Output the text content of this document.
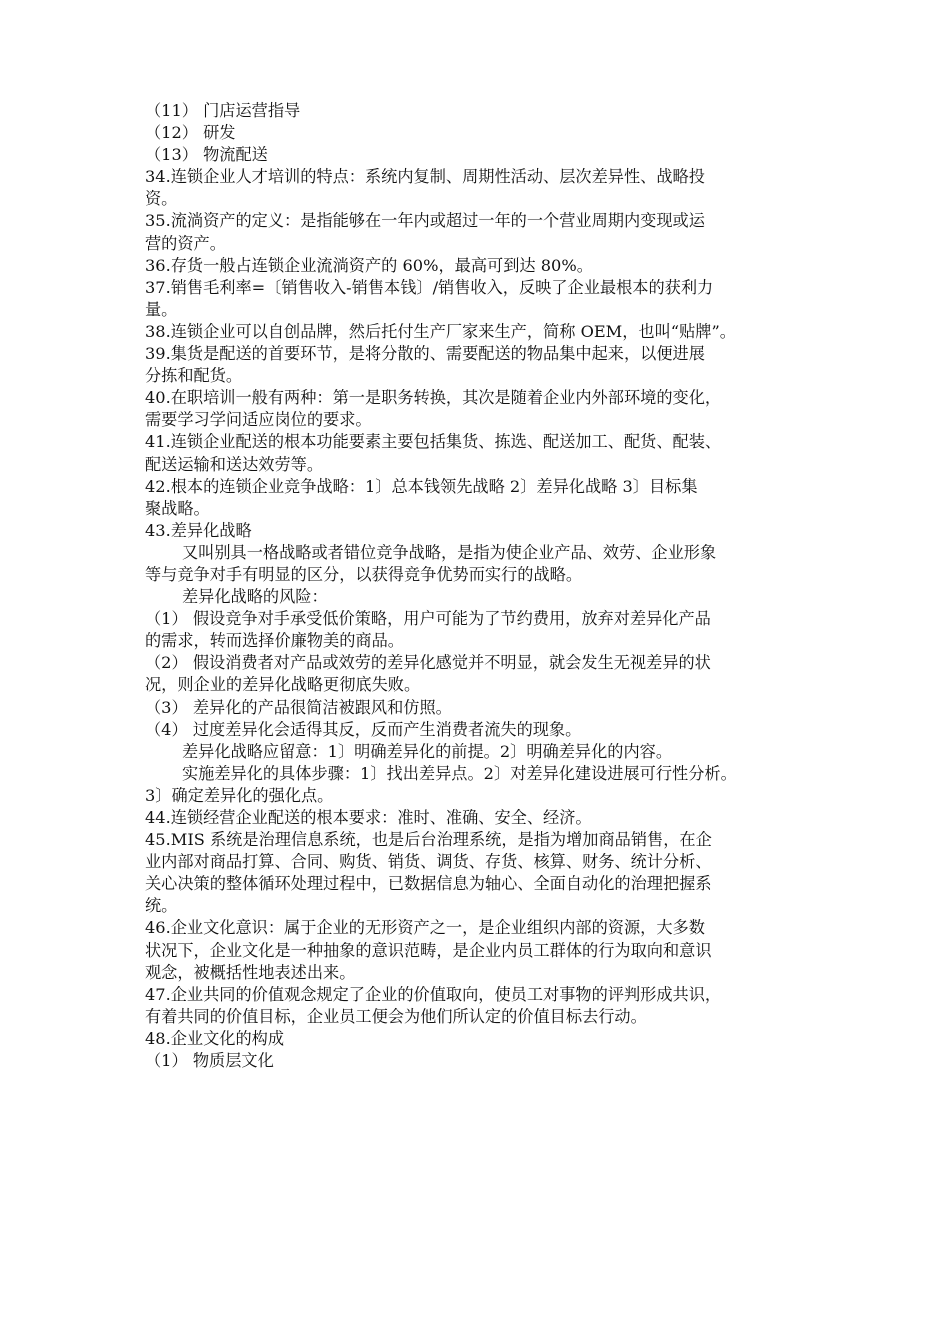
（11） 门店运营指导
（12） 研发
（13） 物流配送
34.连锁企业人才培训的特点：系统内复制、周期性活动、层次差异性、战略投
资。
35.流淌资产的定义：是指能够在一年内或超过一年的一个营业周期内变现或运
营的资产。
36.存货一般占连锁企业流淌资产的 60%，最高可到达 80%。
37.销售毛利率=〔销售收入-销售本钱〕/销售收入，反映了企业最根本的获利力
量。
38.连锁企业可以自创品牌，然后托付生产厂家来生产，简称 OEM，也叫“贴牌”。
39.集货是配送的首要环节，是将分散的、需要配送的物品集中起来，以便进展
分拣和配货。
40.在职培训一般有两种：第一是职务转换，其次是随着企业内外部环境的变化，
需要学习学问适应岗位的要求。
41.连锁企业配送的根本功能要素主要包括集货、拣选、配送加工、配货、配装、
配送运输和送达效劳等。
42.根本的连锁企业竞争战略：1〕总本钱领先战略 2〕差异化战略 3〕目标集
聚战略。
43.差异化战略
又叫别具一格战略或者错位竞争战略，是指为使企业产品、效劳、企业形象
等与竞争对手有明显的区分，以获得竞争优势而实行的战略。
差异化战略的风险：
（1） 假设竞争对手承受低价策略，用户可能为了节约费用，放弃对差异化产品
的需求，转而选择价廉物美的商品。
（2） 假设消费者对产品或效劳的差异化感觉并不明显，就会发生无视差异的状
况，则企业的差异化战略更彻底失败。
（3） 差异化的产品很简洁被跟风和仿照。
（4） 过度差异化会适得其反，反而产生消费者流失的现象。
差异化战略应留意：1〕明确差异化的前提。2〕明确差异化的内容。
实施差异化的具体步骤：1〕找出差异点。2〕对差异化建设进展可行性分析。
3〕确定差异化的强化点。
44.连锁经营企业配送的根本要求：准时、准确、安全、经济。
45.MIS 系统是治理信息系统，也是后台治理系统，是指为增加商品销售，在企
业内部对商品打算、合同、购货、销货、调货、存货、核算、财务、统计分析、
关心决策的整体循环处理过程中，已数据信息为轴心、全面自动化的治理把握系
统。
46.企业文化意识：属于企业的无形资产之一，是企业组织内部的资源，大多数
状况下，企业文化是一种抽象的意识范畴，是企业内员工群体的行为取向和意识
观念，被概括性地表述出来。
47.企业共同的价值观念规定了企业的价值取向，使员工对事物的评判形成共识，
有着共同的价值目标，企业员工便会为他们所认定的价值目标去行动。
48.企业文化的构成
（1） 物质层文化
